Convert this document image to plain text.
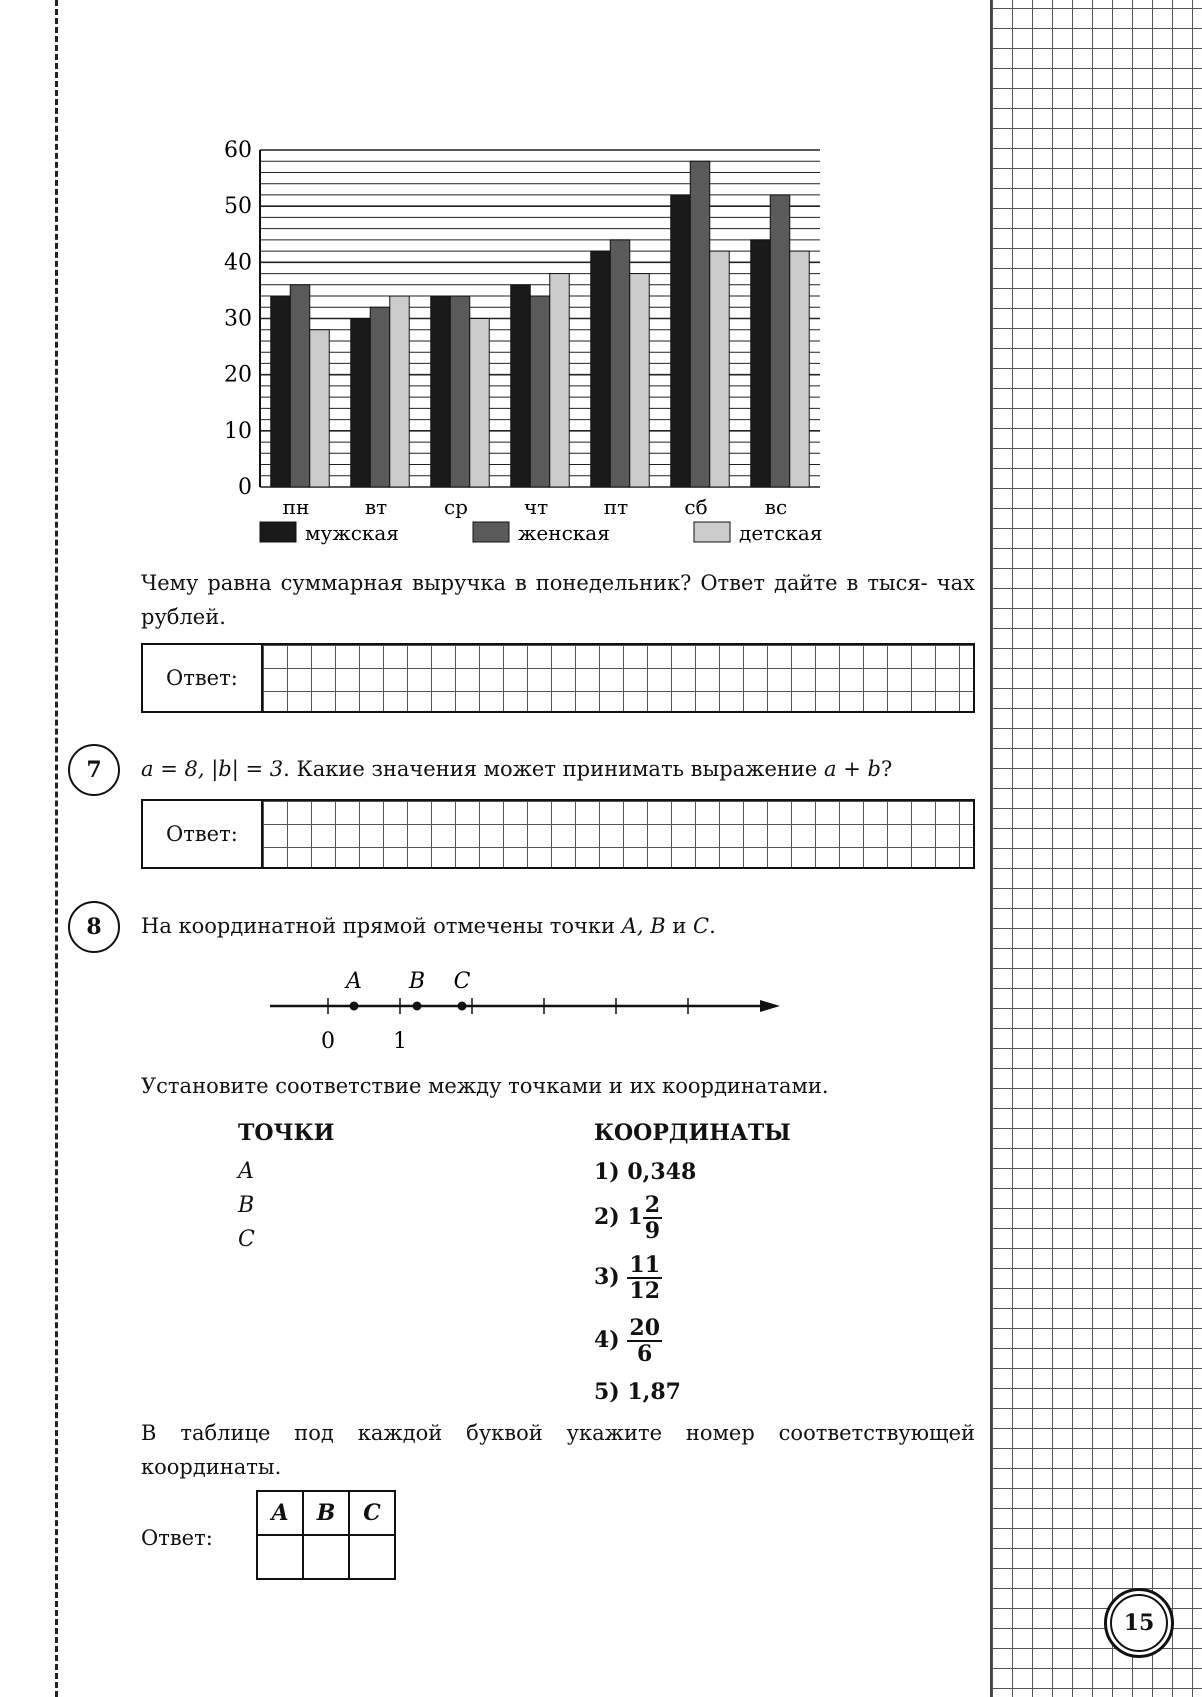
15
0
10
20
30
40
50
60
пн	вт	ср	чт	пт	сб	вс
мужская	женская	детская
Чему равна суммарная выручка в понедельник? Ответ дайте в тыся- чах рублей.
Ответ:
7	a = 8, |b| = 3. Какие значения может принимать выражение a + b?
Ответ:
8	На координатной прямой отмечены точки A, B и C.
A B C
0	1
Установите соответствие между точками и их координатами.
ТОЧКИ	КООРДИНАТЫ
A
B
C
1) 0,348
2) $1 \frac{2}{9}$
$3) \frac{11}{12}$
$4) \frac{20}{6}$
5) 1,87
В таблице под каждой буквой укажите номер соответствующей координаты.
Ответ:
A	B	C
